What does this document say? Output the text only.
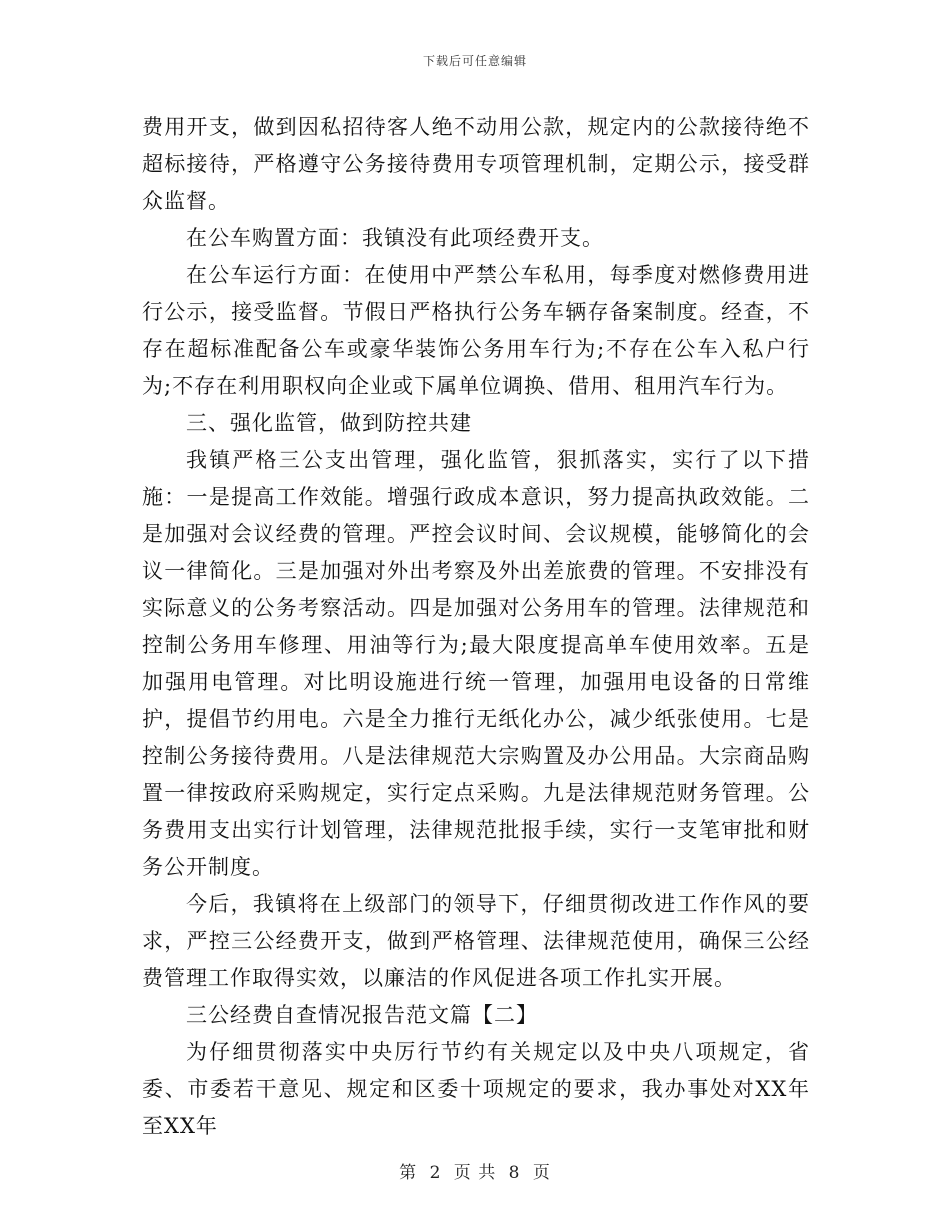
下载后可任意编辑

费用开支，做到因私招待客人绝不动用公款，规定内的公款接待绝不超标接待，严格遵守公务接待费用专项管理机制，定期公示，接受群众监督。

在公车购置方面：我镇没有此项经费开支。

在公车运行方面：在使用中严禁公车私用，每季度对燃修费用进行公示，接受监督。节假日严格执行公务车辆存备案制度。经查，不存在超标准配备公车或豪华装饰公务用车行为;不存在公车入私户行为;不存在利用职权向企业或下属单位调换、借用、租用汽车行为。

三、强化监管，做到防控共建

我镇严格三公支出管理，强化监管，狠抓落实，实行了以下措施：一是提高工作效能。增强行政成本意识，努力提高执政效能。二是加强对会议经费的管理。严控会议时间、会议规模，能够简化的会议一律简化。三是加强对外出考察及外出差旅费的管理。不安排没有实际意义的公务考察活动。四是加强对公务用车的管理。法律规范和控制公务用车修理、用油等行为;最大限度提高单车使用效率。五是加强用电管理。对比明设施进行统一管理，加强用电设备的日常维护，提倡节约用电。六是全力推行无纸化办公，减少纸张使用。七是控制公务接待费用。八是法律规范大宗购置及办公用品。大宗商品购置一律按政府采购规定，实行定点采购。九是法律规范财务管理。公务费用支出实行计划管理，法律规范批报手续，实行一支笔审批和财务公开制度。

今后，我镇将在上级部门的领导下，仔细贯彻改进工作作风的要求，严控三公经费开支，做到严格管理、法律规范使用，确保三公经费管理工作取得实效，以廉洁的作风促进各项工作扎实开展。

三公经费自查情况报告范文篇【二】

为仔细贯彻落实中央厉行节约有关规定以及中央八项规定，省委、市委若干意见、规定和区委十项规定的要求，我办事处对XX年至XX年

第 2 页 共 8 页
